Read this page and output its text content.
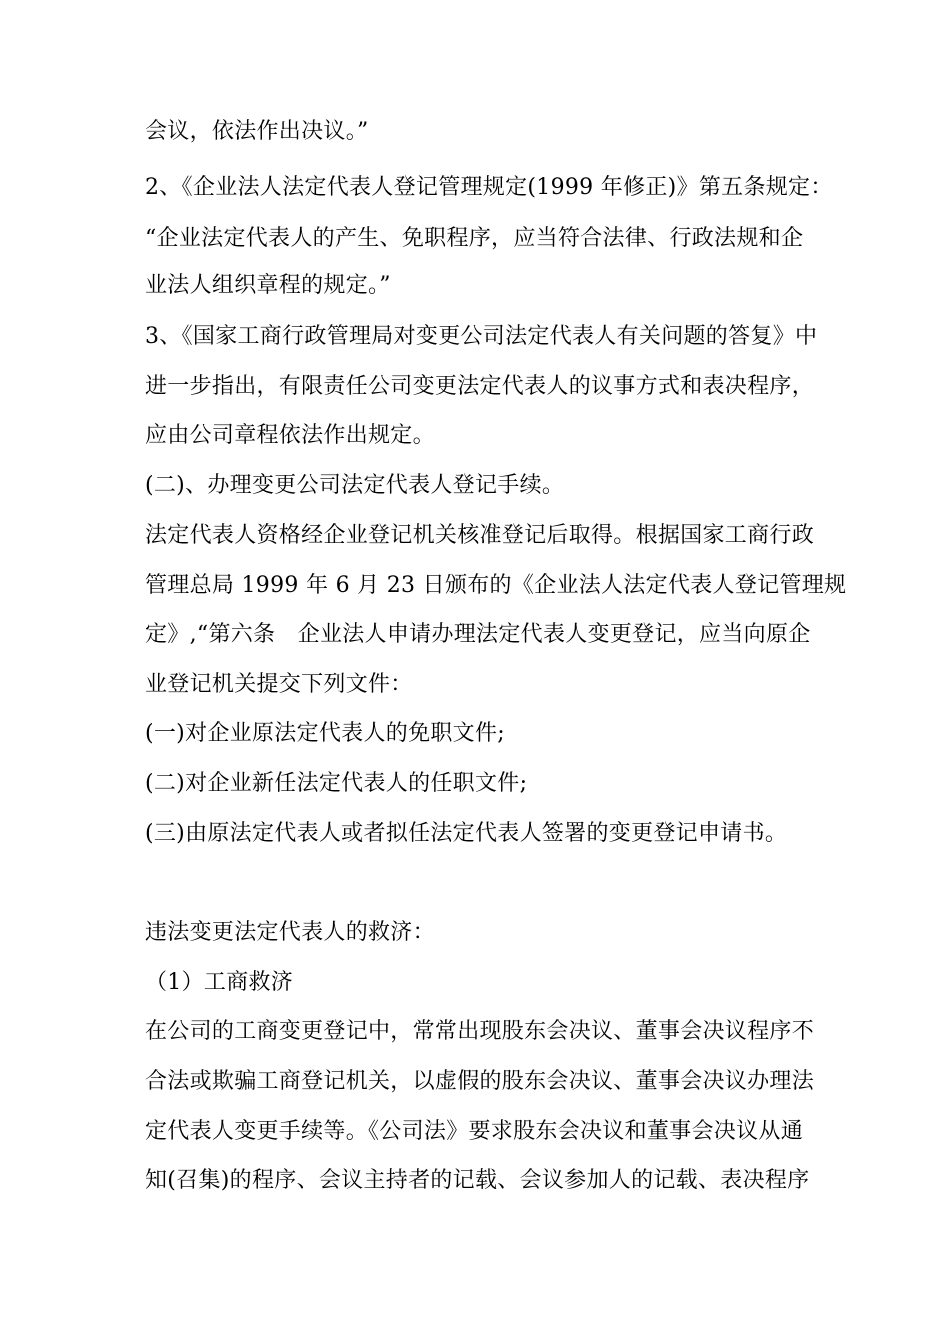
会议，依法作出决议。”
2、《企业法人法定代表人登记管理规定(1999 年修正)》第五条规定：
“企业法定代表人的产生、免职程序，应当符合法律、行政法规和企
业法人组织章程的规定。”
3、《国家工商行政管理局对变更公司法定代表人有关问题的答复》中
进一步指出，有限责任公司变更法定代表人的议事方式和表决程序，
应由公司章程依法作出规定。
(二)、办理变更公司法定代表人登记手续。
法定代表人资格经企业登记机关核准登记后取得。根据国家工商行政
管理总局 1999 年 6 月 23 日颁布的《企业法人法定代表人登记管理规
定》,“第六条　企业法人申请办理法定代表人变更登记，应当向原企
业登记机关提交下列文件：
(一)对企业原法定代表人的免职文件;
(二)对企业新任法定代表人的任职文件;
(三)由原法定代表人或者拟任法定代表人签署的变更登记申请书。
违法变更法定代表人的救济：
（1）工商救济
在公司的工商变更登记中，常常出现股东会决议、董事会决议程序不
合法或欺骗工商登记机关，以虚假的股东会决议、董事会决议办理法
定代表人变更手续等。《公司法》要求股东会决议和董事会决议从通
知(召集)的程序、会议主持者的记载、会议参加人的记载、表决程序
